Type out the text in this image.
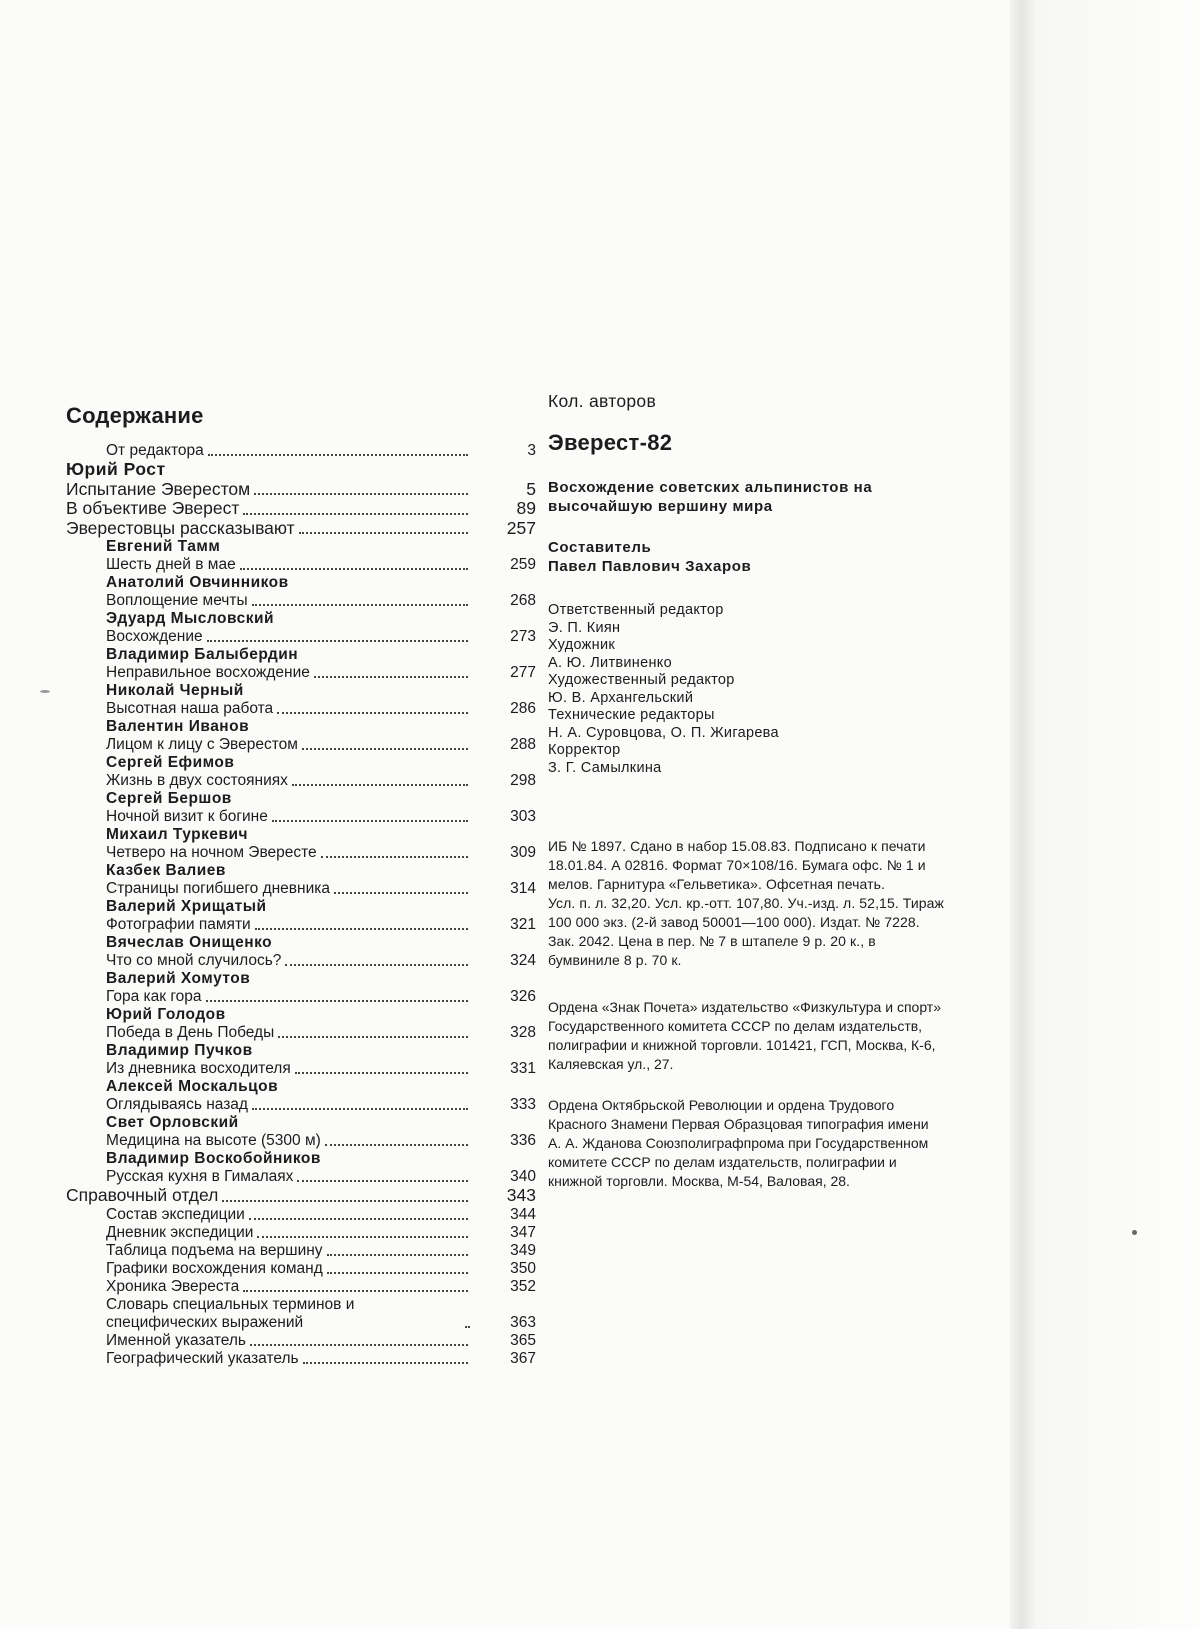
Содержание
От редактора	3
Юрий Рост
Испытание Эверестом	5
В объективе Эверест	89
Эверестовцы рассказывают	257
Евгений Тамм
Шесть дней в мае	259
Анатолий Овчинников
Воплощение мечты	268
Эдуард Мысловский
Восхождение	273
Владимир Балыбердин
Неправильное восхождение	277
Николай Черный
Высотная наша работа	286
Валентин Иванов
Лицом к лицу с Эверестом	288
Сергей Ефимов
Жизнь в двух состояниях	298
Сергей Бершов
Ночной визит к богине	303
Михаил Туркевич
Четверо на ночном Эвересте	309
Казбек Валиев
Страницы погибшего дневника	314
Валерий Хрищатый
Фотографии памяти	321
Вячеслав Онищенко
Что со мной случилось?	324
Валерий Хомутов
Гора как гора	326
Юрий Голодов
Победа в День Победы	328
Владимир Пучков
Из дневника восходителя	331
Алексей Москальцов
Оглядываясь назад	333
Свет Орловский
Медицина на высоте (5300 м)	336
Владимир Воскобойников
Русская кухня в Гималаях	340
Справочный отдел	343
Состав экспедиции	344
Дневник экспедиции	347
Таблица подъема на вершину	349
Графики восхождения команд	350
Хроника Эвереста	352
Словарь специальных терминов и специфических выражений	363
Именной указатель	365
Географический указатель	367

Кол. авторов

Эверест-82

Восхождение советских альпинистов на высочайшую вершину мира

Составитель
Павел Павлович Захаров
Ответственный редактор
Э. П. Киян
Художник
А. Ю. Литвиненко
Художественный редактор
Ю. В. Архангельский
Технические редакторы
Н. А. Суровцова, О. П. Жигарева
Корректор
З. Г. Самылкина
ИБ № 1897. Сдано в набор 15.08.83. Подписано к печати
18.01.84. А 02816. Формат 70×108/16. Бумага офс. № 1 и
мелов. Гарнитура «Гельветика». Офсетная печать.
Усл. п. л. 32,20. Усл. кр.-отт. 107,80. Уч.-изд. л. 52,15. Тираж
100 000 экз. (2-й завод 50001—100 000). Издат. № 7228.
Зак. 2042. Цена в пер. № 7 в штапеле 9 р. 20 к., в
бумвиниле 8 р. 70 к.
Ордена «Знак Почета» издательство «Физкультура и спорт»
Государственного комитета СССР по делам издательств,
полиграфии и книжной торговли. 101421, ГСП, Москва, К-6,
Каляевская ул., 27.
Ордена Октябрьской Революции и ордена Трудового
Красного Знамени Первая Образцовая типография имени
А. А. Жданова Союзполиграфпрома при Государственном
комитете СССР по делам издательств, полиграфии и
книжной торговли. Москва, М-54, Валовая, 28.
